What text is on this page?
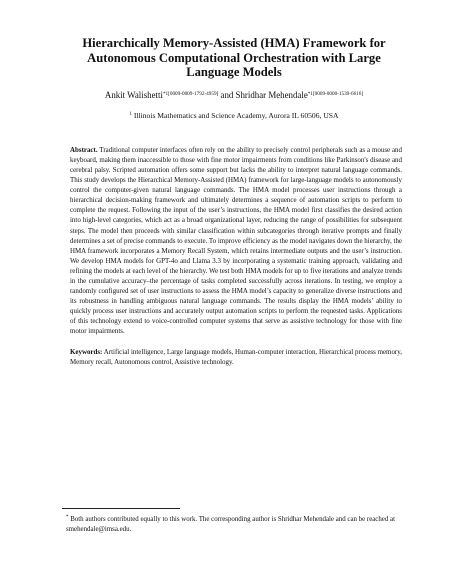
Hierarchically Memory-Assisted (HMA) Framework for Autonomous Computational Orchestration with Large Language Models
Ankit Walishetti$^{*1[0009-0009-1792-4959]}$ and Shridhar Mehendale$^{*1[0009-0000-1539-6616]}$
$^1$ Illinois Mathematics and Science Academy, Aurora IL 60506, USA

Abstract. Traditional computer interfaces often rely on the ability to precisely control peripherals such as a mouse and keyboard, making them inaccessible to those with fine motor impairments from conditions like Parkinson's disease and cerebral palsy. Scripted automation offers some support but lacks the ability to interpret natural language commands. This study develops the Hierarchical Memory-Assisted (HMA) framework for large-language models to autonomously control the computer-given natural language commands. The HMA model processes user instructions through a hierarchical decision-making framework and ultimately determines a sequence of automation scripts to perform to complete the request. Following the input of the user’s instructions, the HMA model first classifies the desired action into high-level categories, which act as a broad organizational layer, reducing the range of possibilities for subsequent steps. The model then proceeds with similar classification within subcategories through iterative prompts and finally determines a set of precise commands to execute. To improve efficiency as the model navigates down the hierarchy, the HMA framework incorporates a Memory Recall System, which retains intermediate outputs and the user’s instruction. We develop HMA models for GPT-4o and Llama 3.3 by incorporating a systematic training approach, validating and refining the models at each level of the hierarchy. We test both HMA models for up to five iterations and analyze trends in the cumulative accuracy–the percentage of tasks completed successfully across iterations. In testing, we employ a randomly configured set of user instructions to assess the HMA model’s capacity to generalize diverse instructions and its robustness in handling ambiguous natural language commands. The results display the HMA models’ ability to quickly process user instructions and accurately output automation scripts to perform the requested tasks. Applications of this technology extend to voice-controlled computer systems that serve as assistive technology for those with fine motor impairments.

Keywords: Artificial intelligence, Large language models, Human-computer interaction, Hierarchical process memory, Memory recall, Autonomous control, Assistive technology.

* Both authors contributed equally to this work. The corresponding author is Shridhar Mehendale and can be reached at smehendale@imsa.edu.
